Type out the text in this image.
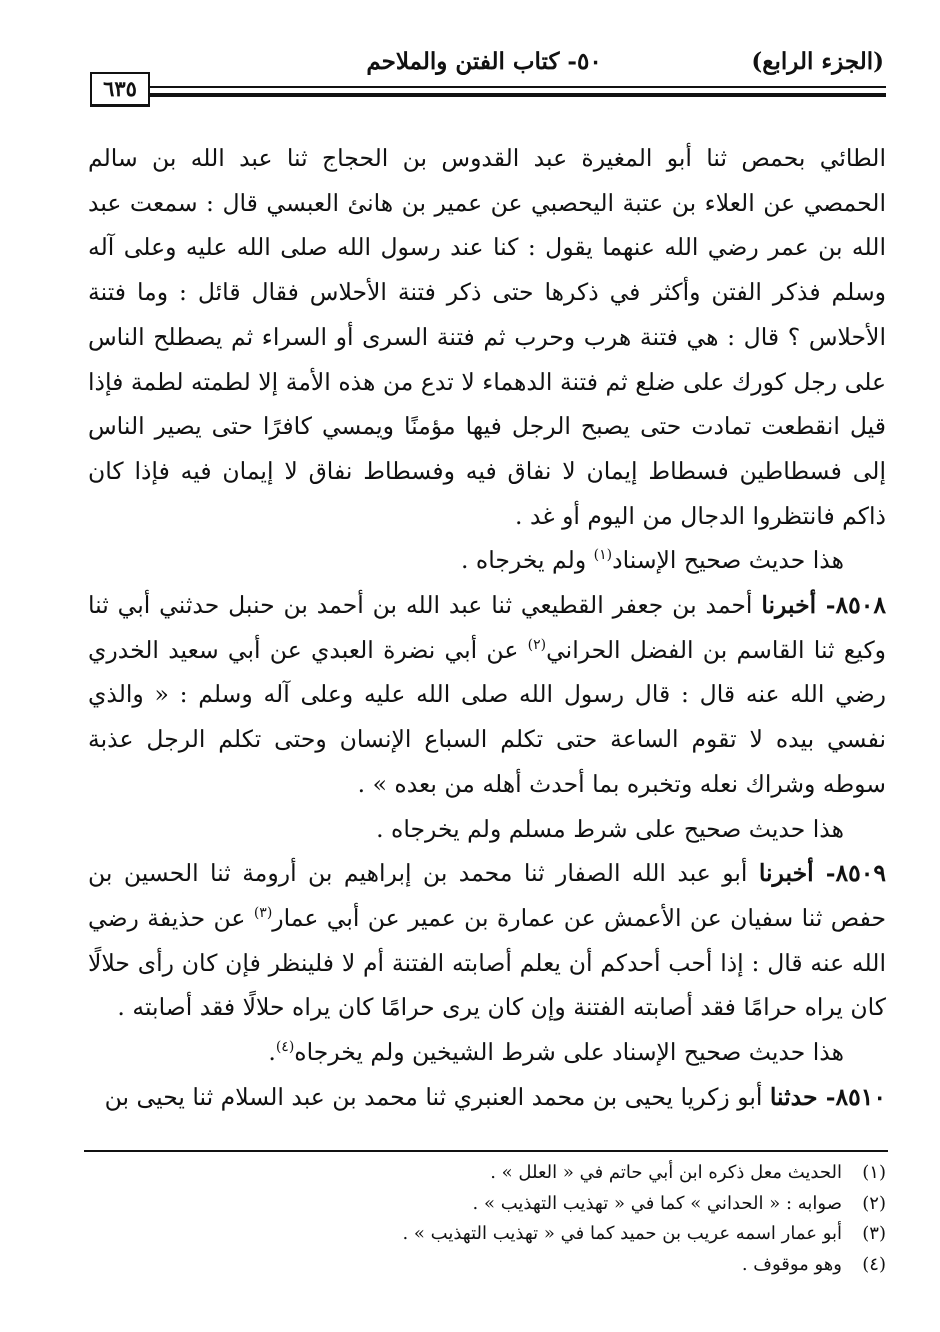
(الجزء الرابع)
٥٠- كتاب الفتن والملاحم
٦٣٥

الطائي بحمص ثنا أبو المغيرة عبد القدوس بن الحجاج ثنا عبد الله بن سالم الحمصي عن العلاء بن عتبة اليحصبي عن عمير بن هانئ العبسي قال : سمعت عبد الله بن عمر رضي الله عنهما يقول : كنا عند رسول الله صلى الله عليه وعلى آله وسلم فذكر الفتن وأكثر في ذكرها حتى ذكر فتنة الأحلاس فقال قائل : وما فتنة الأحلاس ؟ قال : هي فتنة هرب وحرب ثم فتنة السرى أو السراء ثم يصطلح الناس على رجل كورك على ضلع ثم فتنة الدهماء لا تدع من هذه الأمة إلا لطمته لطمة فإذا قيل انقطعت تمادت حتى يصبح الرجل فيها مؤمنًا ويمسي كافرًا حتى يصير الناس إلى فسطاطين فسطاط إيمان لا نفاق فيه وفسطاط نفاق لا إيمان فيه فإذا كان ذاكم فانتظروا الدجال من اليوم أو غد .

هذا حديث صحيح الإسناد$^{(١)}$ ولم يخرجاه .

٨٥٠٨- أخبرنا أحمد بن جعفر القطيعي ثنا عبد الله بن أحمد بن حنبل حدثني أبي ثنا وكيع ثنا القاسم بن الفضل الحراني$^{(٢)}$ عن أبي نضرة العبدي عن أبي سعيد الخدري رضي الله عنه قال : قال رسول الله صلى الله عليه وعلى آله وسلم : « والذي نفسي بيده لا تقوم الساعة حتى تكلم السباع الإنسان وحتى تكلم الرجل عذبة سوطه وشراك نعله وتخبره بما أحدث أهله من بعده » .

هذا حديث صحيح على شرط مسلم ولم يخرجاه .

٨٥٠٩- أخبرنا أبو عبد الله الصفار ثنا محمد بن إبراهيم بن أرومة ثنا الحسين بن حفص ثنا سفيان عن الأعمش عن عمارة بن عمير عن أبي عمار$^{(٣)}$ عن حذيفة رضي الله عنه قال : إذا أحب أحدكم أن يعلم أصابته الفتنة أم لا فلينظر فإن كان رأى حلالًا كان يراه حرامًا فقد أصابته الفتنة وإن كان يرى حرامًا كان يراه حلالًا فقد أصابته .

هذا حديث صحيح الإسناد على شرط الشيخين ولم يخرجاه$^{(٤)}$.

٨٥١٠- حدثنا أبو زكريا يحيى بن محمد العنبري ثنا محمد بن عبد السلام ثنا يحيى بن

(١)الحديث معل ذكره ابن أبي حاتم في « العلل » .
(٢)صوابه : « الحداني » كما في « تهذيب التهذيب » .
(٣)أبو عمار اسمه عريب بن حميد كما في « تهذيب التهذيب » .
(٤)وهو موقوف .
